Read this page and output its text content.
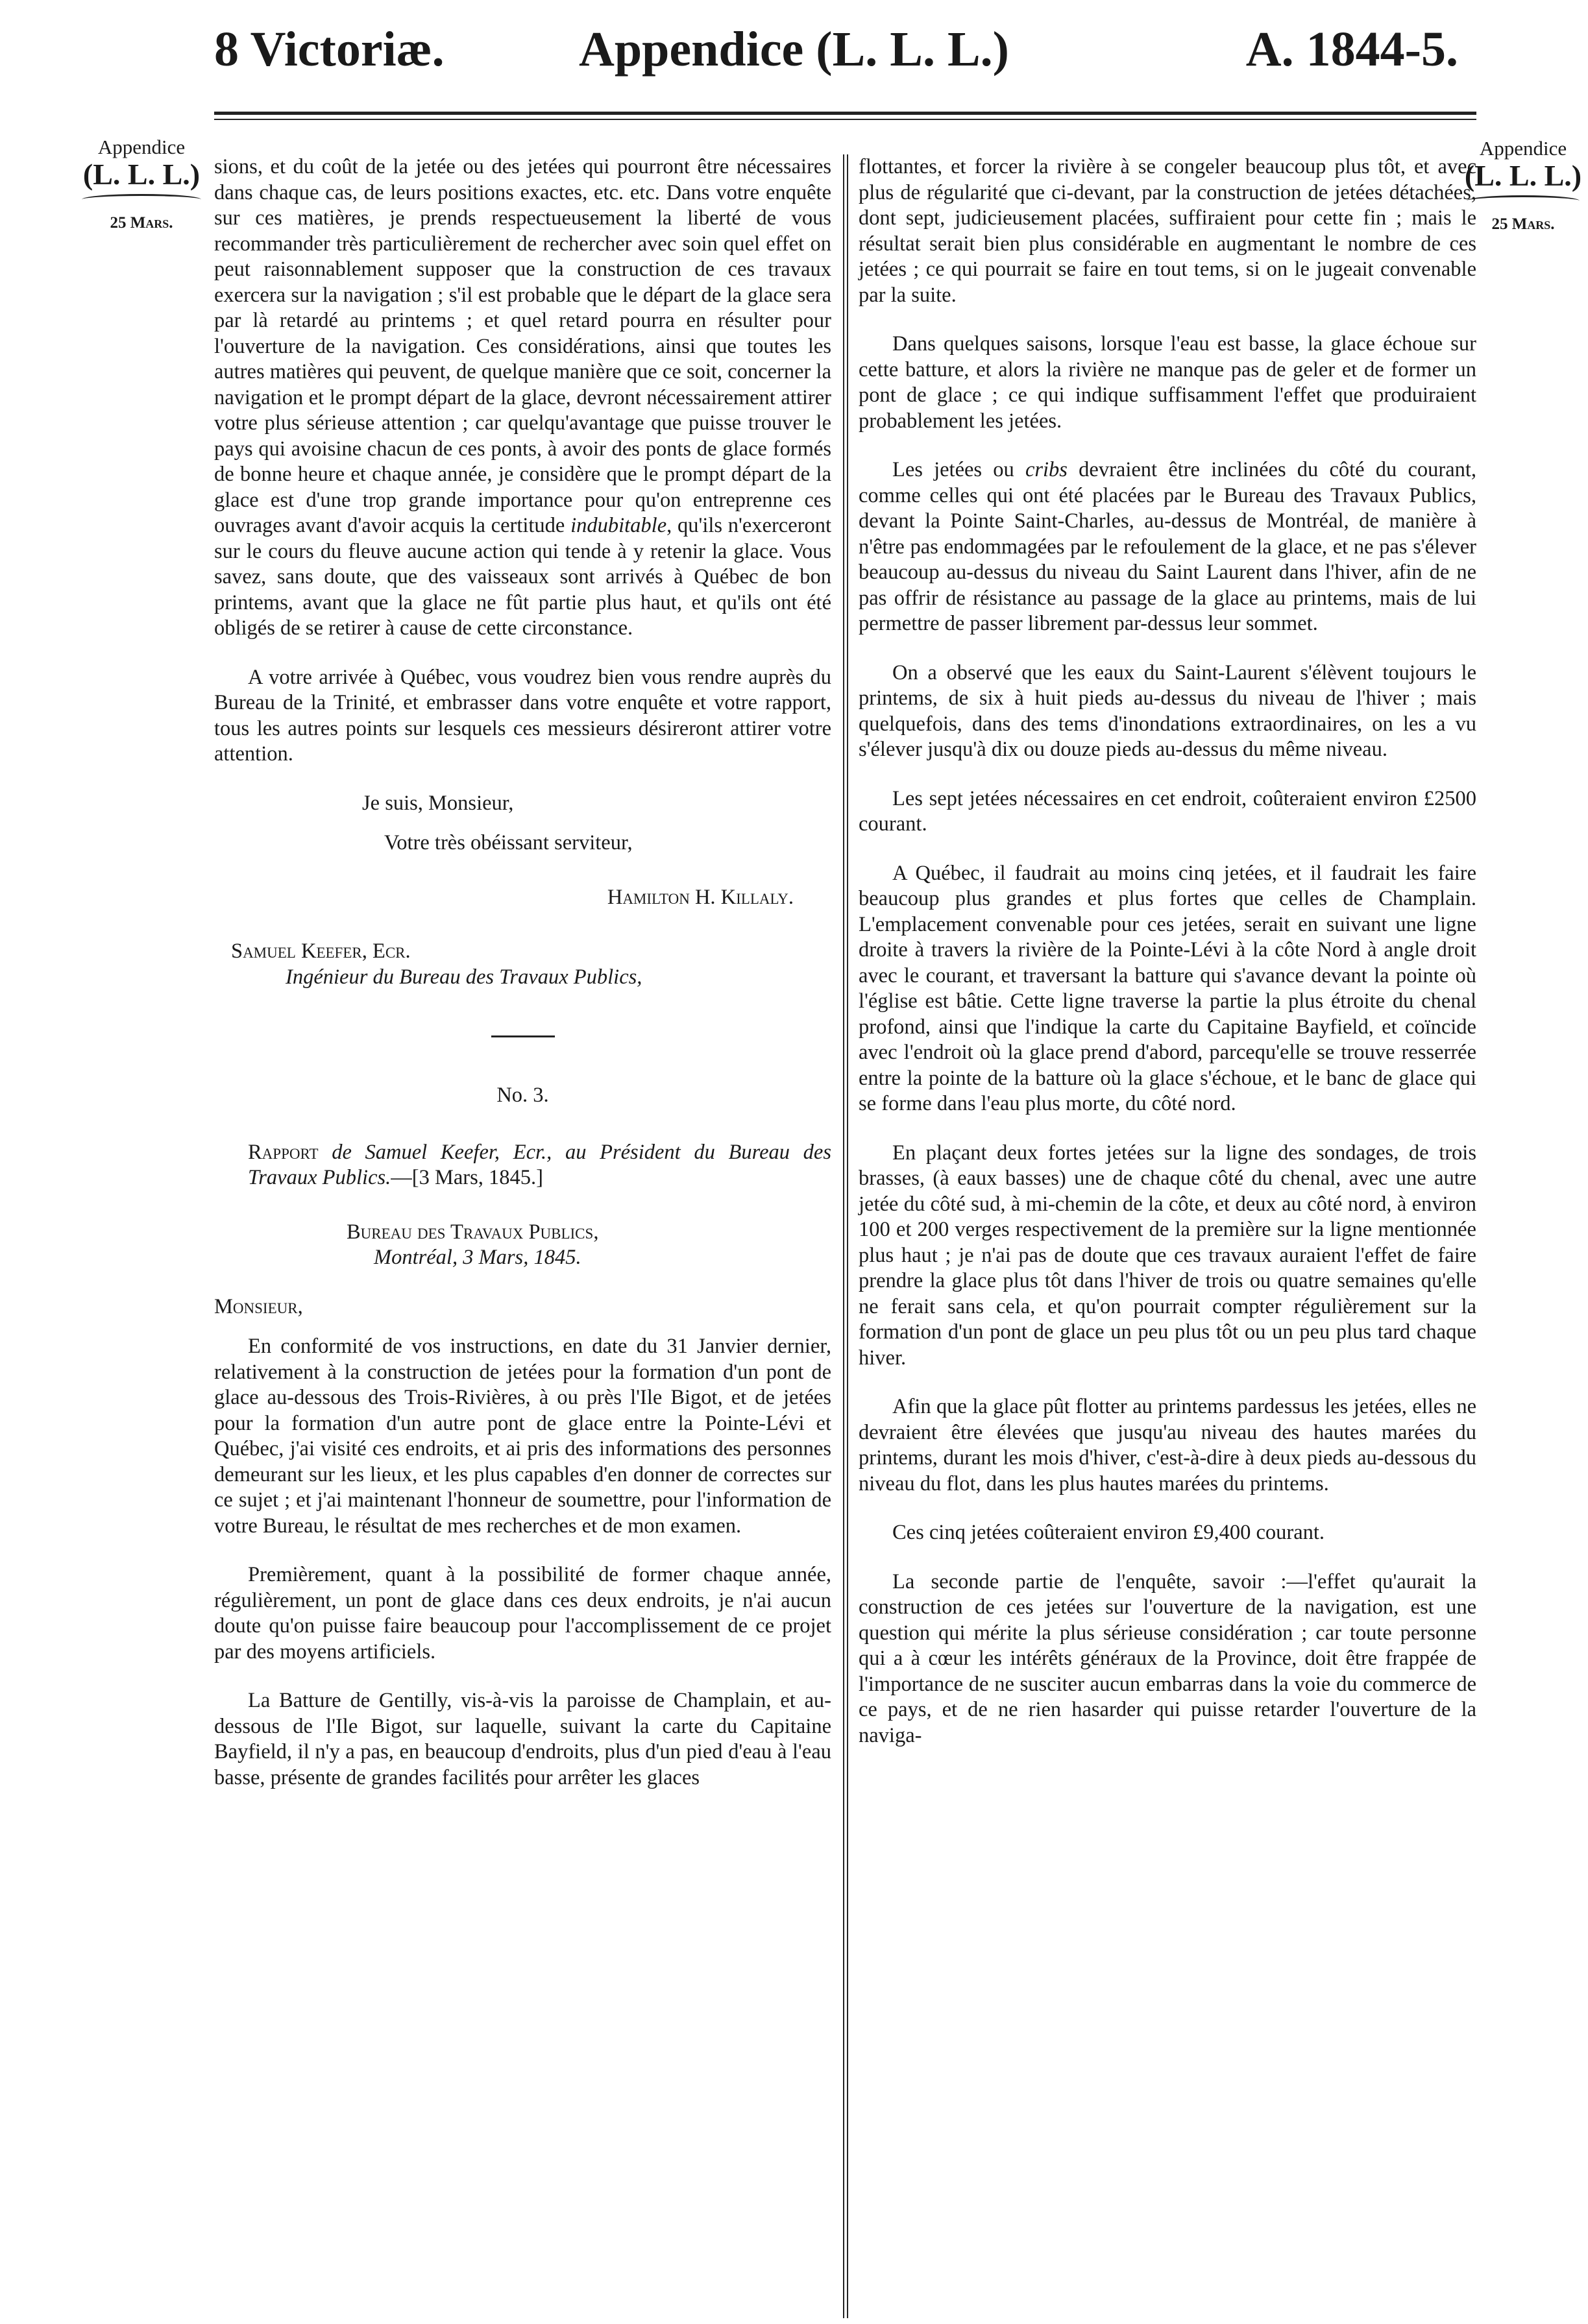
Appendice (L. L. L.)
8 Victoriæ.	A. 1844-5.
Appendice
(L. L. L.)
25 Mars.
Appendice
(L. L. L.)
25 Mars.

sions, et du coût de la jetée ou des jetées qui pourront être nécessaires dans chaque cas, de leurs positions exactes, etc. etc. Dans votre enquête sur ces matières, je prends respectueusement la liberté de vous recommander très particulièrement de rechercher avec soin quel effet on peut raisonnablement supposer que la construction de ces travaux exercera sur la navigation ; s'il est probable que le départ de la glace sera par là retardé au printems ; et quel retard pourra en résulter pour l'ouverture de la navigation. Ces considérations, ainsi que toutes les autres matières qui peuvent, de quelque manière que ce soit, concerner la navigation et le prompt départ de la glace, devront nécessairement attirer votre plus sérieuse attention ; car quelqu'avantage que puisse trouver le pays qui avoisine chacun de ces ponts, à avoir des ponts de glace formés de bonne heure et chaque année, je considère que le prompt départ de la glace est d'une trop grande importance pour qu'on entreprenne ces ouvrages avant d'avoir acquis la certitude indubitable, qu'ils n'exerceront sur le cours du fleuve aucune action qui tende à y retenir la glace. Vous savez, sans doute, que des vaisseaux sont arrivés à Québec de bon printems, avant que la glace ne fût partie plus haut, et qu'ils ont été obligés de se retirer à cause de cette circonstance.

A votre arrivée à Québec, vous voudrez bien vous rendre auprès du Bureau de la Trinité, et embrasser dans votre enquête et votre rapport, tous les autres points sur lesquels ces messieurs désireront attirer votre attention.

Je suis, Monsieur,

Votre très obéissant serviteur,

Hamilton H. Killaly.

Samuel Keefer, Ecr.

Ingénieur du Bureau des Travaux Publics,

No. 3.

Rapport de Samuel Keefer, Ecr., au Président du Bureau des Travaux Publics.—[3 Mars, 1845.]

Bureau des Travaux Publics,

Montréal, 3 Mars, 1845.

Monsieur,

En conformité de vos instructions, en date du 31 Janvier dernier, relativement à la construction de jetées pour la formation d'un pont de glace au-dessous des Trois-Rivières, à ou près l'Ile Bigot, et de jetées pour la formation d'un autre pont de glace entre la Pointe-Lévi et Québec, j'ai visité ces endroits, et ai pris des informations des personnes demeurant sur les lieux, et les plus capables d'en donner de correctes sur ce sujet ; et j'ai maintenant l'honneur de soumettre, pour l'information de votre Bureau, le résultat de mes recherches et de mon examen.

Premièrement, quant à la possibilité de former chaque année, régulièrement, un pont de glace dans ces deux endroits, je n'ai aucun doute qu'on puisse faire beaucoup pour l'accomplissement de ce projet par des moyens artificiels.

La Batture de Gentilly, vis-à-vis la paroisse de Champlain, et au-dessous de l'Ile Bigot, sur laquelle, suivant la carte du Capitaine Bayfield, il n'y a pas, en beaucoup d'endroits, plus d'un pied d'eau à l'eau basse, présente de grandes facilités pour arrêter les glaces

flottantes, et forcer la rivière à se congeler beaucoup plus tôt, et avec plus de régularité que ci-devant, par la construction de jetées détachées, dont sept, judicieusement placées, suffiraient pour cette fin ; mais le résultat serait bien plus considérable en augmentant le nombre de ces jetées ; ce qui pourrait se faire en tout tems, si on le jugeait convenable par la suite.

Dans quelques saisons, lorsque l'eau est basse, la glace échoue sur cette batture, et alors la rivière ne manque pas de geler et de former un pont de glace ; ce qui indique suffisamment l'effet que produiraient probablement les jetées.

Les jetées ou cribs devraient être inclinées du côté du courant, comme celles qui ont été placées par le Bureau des Travaux Publics, devant la Pointe Saint-Charles, au-dessus de Montréal, de manière à n'être pas endommagées par le refoulement de la glace, et ne pas s'élever beaucoup au-dessus du niveau du Saint Laurent dans l'hiver, afin de ne pas offrir de résistance au passage de la glace au printems, mais de lui permettre de passer librement par-dessus leur sommet.

On a observé que les eaux du Saint-Laurent s'élèvent toujours le printems, de six à huit pieds au-dessus du niveau de l'hiver ; mais quelquefois, dans des tems d'inondations extraordinaires, on les a vu s'élever jusqu'à dix ou douze pieds au-dessus du même niveau.

Les sept jetées nécessaires en cet endroit, coûteraient environ £2500 courant.

A Québec, il faudrait au moins cinq jetées, et il faudrait les faire beaucoup plus grandes et plus fortes que celles de Champlain. L'emplacement convenable pour ces jetées, serait en suivant une ligne droite à travers la rivière de la Pointe-Lévi à la côte Nord à angle droit avec le courant, et traversant la batture qui s'avance devant la pointe où l'église est bâtie. Cette ligne traverse la partie la plus étroite du chenal profond, ainsi que l'indique la carte du Capitaine Bayfield, et coïncide avec l'endroit où la glace prend d'abord, parcequ'elle se trouve resserrée entre la pointe de la batture où la glace s'échoue, et le banc de glace qui se forme dans l'eau plus morte, du côté nord.

En plaçant deux fortes jetées sur la ligne des sondages, de trois brasses, (à eaux basses) une de chaque côté du chenal, avec une autre jetée du côté sud, à mi-chemin de la côte, et deux au côté nord, à environ 100 et 200 verges respectivement de la première sur la ligne mentionnée plus haut ; je n'ai pas de doute que ces travaux auraient l'effet de faire prendre la glace plus tôt dans l'hiver de trois ou quatre semaines qu'elle ne ferait sans cela, et qu'on pourrait compter régulièrement sur la formation d'un pont de glace un peu plus tôt ou un peu plus tard chaque hiver.

Afin que la glace pût flotter au printems pardessus les jetées, elles ne devraient être élevées que jusqu'au niveau des hautes marées du printems, durant les mois d'hiver, c'est-à-dire à deux pieds au-dessous du niveau du flot, dans les plus hautes marées du printems.

Ces cinq jetées coûteraient environ £9,400 courant.

La seconde partie de l'enquête, savoir :—l'effet qu'aurait la construction de ces jetées sur l'ouverture de la navigation, est une question qui mérite la plus sérieuse considération ; car toute personne qui a à cœur les intérêts généraux de la Province, doit être frappée de l'importance de ne susciter aucun embarras dans la voie du commerce de ce pays, et de ne rien hasarder qui puisse retarder l'ouverture de la naviga-
